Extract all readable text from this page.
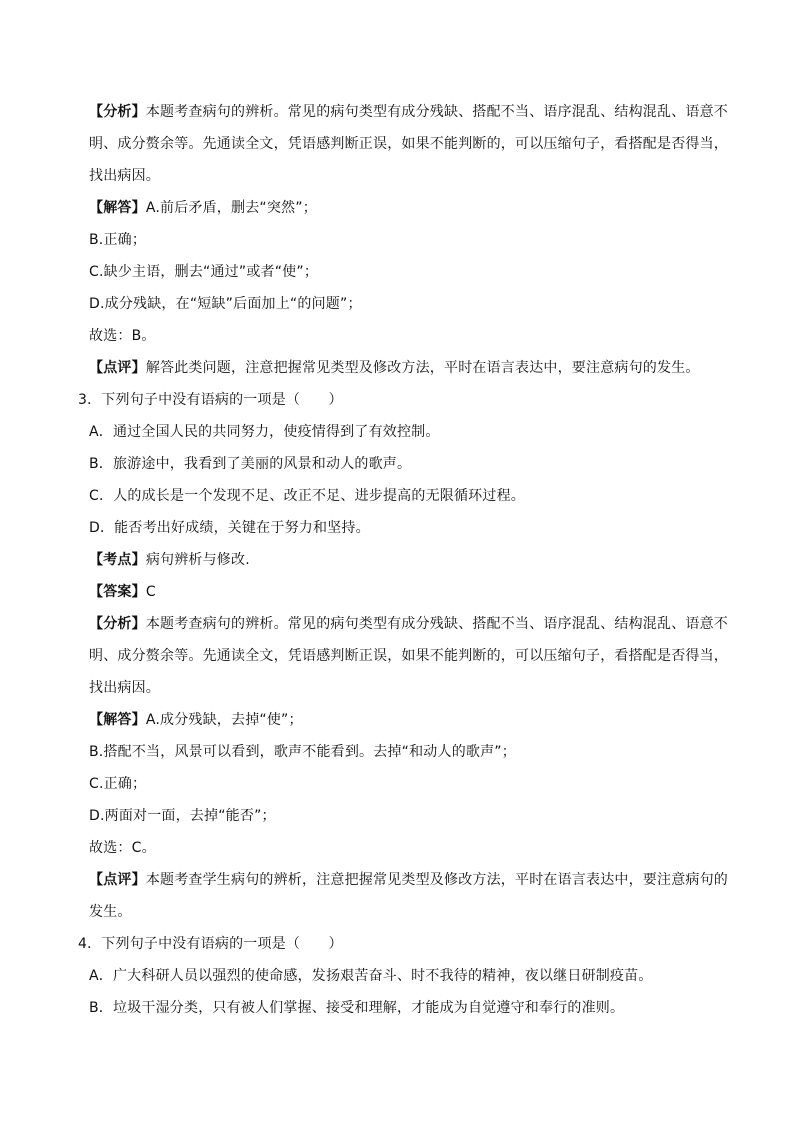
【分析】本题考查病句的辨析。常见的病句类型有成分残缺、搭配不当、语序混乱、结构混乱、语意不
明、成分赘余等。先通读全文，凭语感判断正误，如果不能判断的，可以压缩句子，看搭配是否得当，
找出病因。
【解答】A.前后矛盾，删去“突然”；
B.正确；
C.缺少主语，删去“通过”或者“使”；
D.成分残缺，在“短缺”后面加上“的问题”；
故选：B。
【点评】解答此类问题，注意把握常见类型及修改方法，平时在语言表达中，要注意病句的发生。
3．下列句子中没有语病的一项是（　　）
A．通过全国人民的共同努力，使疫情得到了有效控制。
B．旅游途中，我看到了美丽的风景和动人的歌声。
C．人的成长是一个发现不足、改正不足、进步提高的无限循环过程。
D．能否考出好成绩，关键在于努力和坚持。
【考点】病句辨析与修改.
【答案】C
【分析】本题考查病句的辨析。常见的病句类型有成分残缺、搭配不当、语序混乱、结构混乱、语意不
明、成分赘余等。先通读全文，凭语感判断正误，如果不能判断的，可以压缩句子，看搭配是否得当，
找出病因。
【解答】A.成分残缺，去掉“使”；
B.搭配不当，风景可以看到，歌声不能看到。去掉“和动人的歌声”；
C.正确；
D.两面对一面，去掉“能否”；
故选：C。
【点评】本题考查学生病句的辨析，注意把握常见类型及修改方法，平时在语言表达中，要注意病句的
发生。
4．下列句子中没有语病的一项是（　　）
A．广大科研人员以强烈的使命感，发扬艰苦奋斗、时不我待的精神，夜以继日研制疫苗。
B．垃圾干湿分类，只有被人们掌握、接受和理解，才能成为自觉遵守和奉行的准则。
